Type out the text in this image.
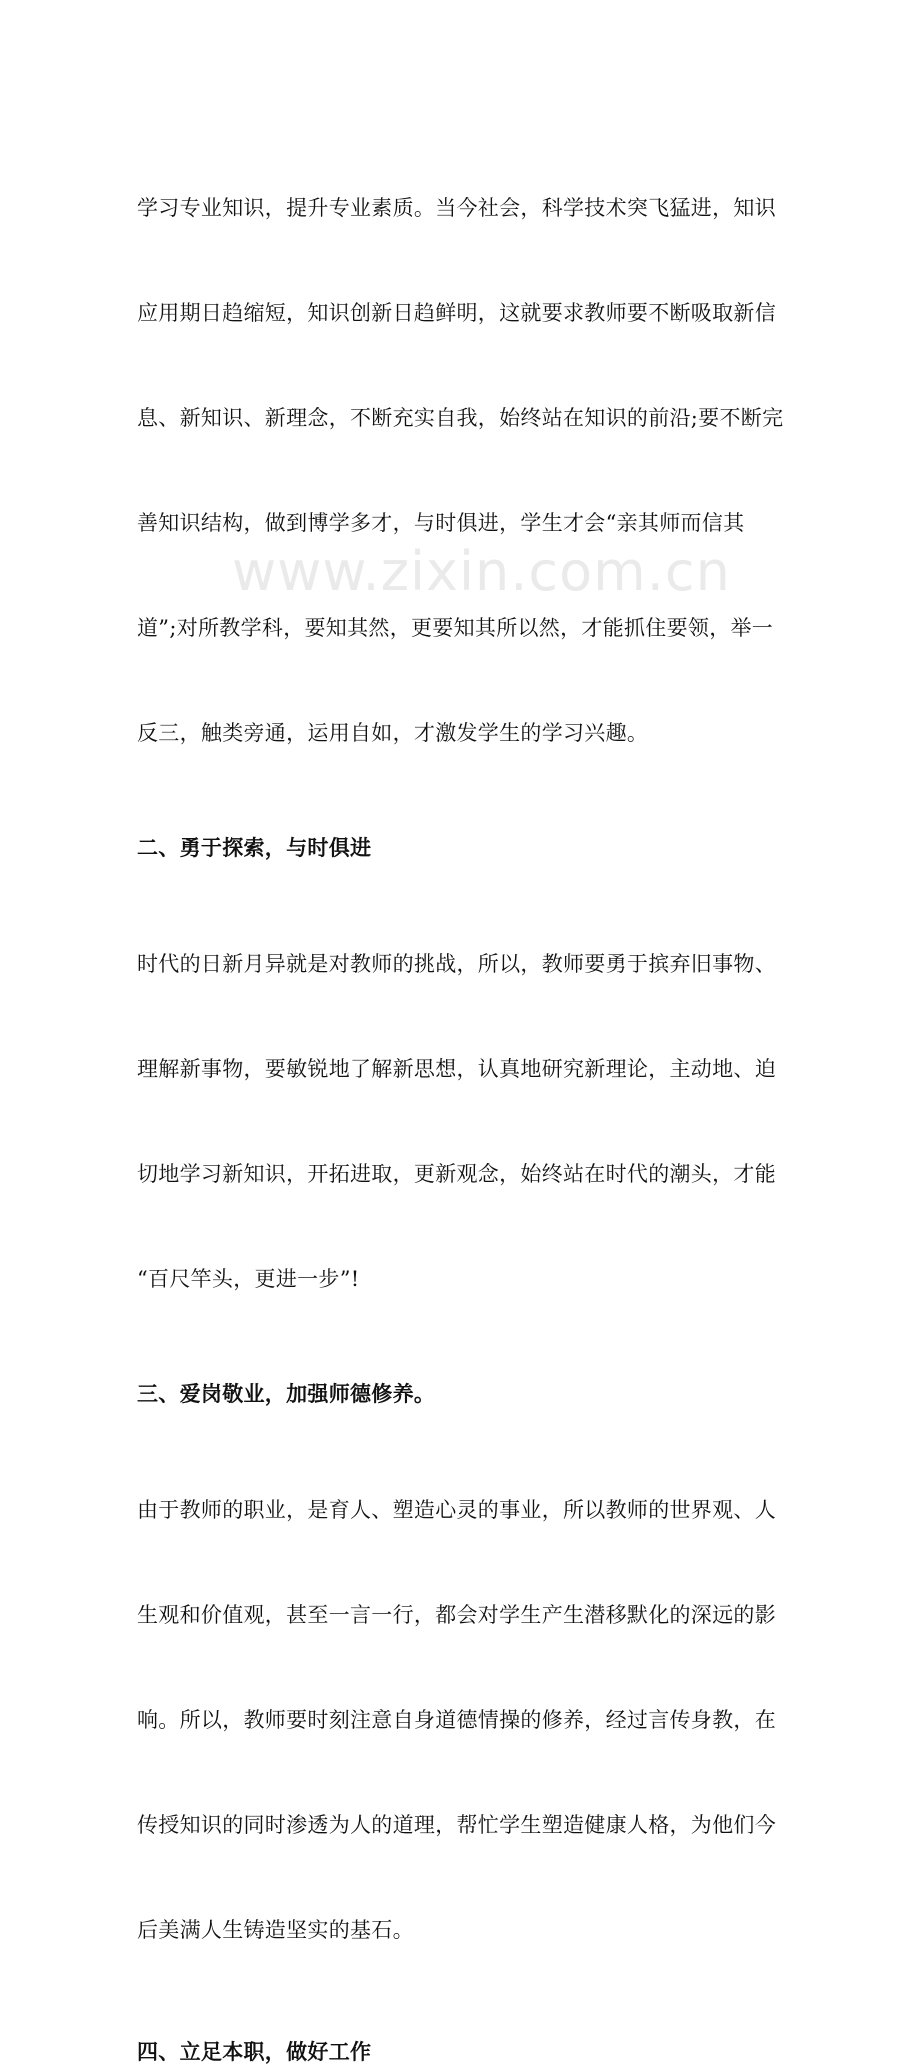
学习专业知识，提升专业素质。当今社会，科学技术突飞猛进，知识

应用期日趋缩短，知识创新日趋鲜明，这就要求教师要不断吸取新信

息、新知识、新理念，不断充实自我，始终站在知识的前沿;要不断完

善知识结构，做到博学多才，与时俱进，学生才会“亲其师而信其

道”;对所教学科，要知其然，更要知其所以然，才能抓住要领，举一

反三，触类旁通，运用自如，才激发学生的学习兴趣。

二、勇于探索，与时俱进

时代的日新月异就是对教师的挑战，所以，教师要勇于摈弃旧事物、

理解新事物，要敏锐地了解新思想，认真地研究新理论，主动地、迫

切地学习新知识，开拓进取，更新观念，始终站在时代的潮头，才能

“百尺竿头，更进一步”!

三、爱岗敬业，加强师德修养。

由于教师的职业，是育人、塑造心灵的事业，所以教师的世界观、人

生观和价值观，甚至一言一行，都会对学生产生潜移默化的深远的影

响。所以，教师要时刻注意自身道德情操的修养，经过言传身教，在

传授知识的同时渗透为人的道理，帮忙学生塑造健康人格，为他们今

后美满人生铸造坚实的基石。

四、立足本职，做好工作
www.zixin.com.cn
